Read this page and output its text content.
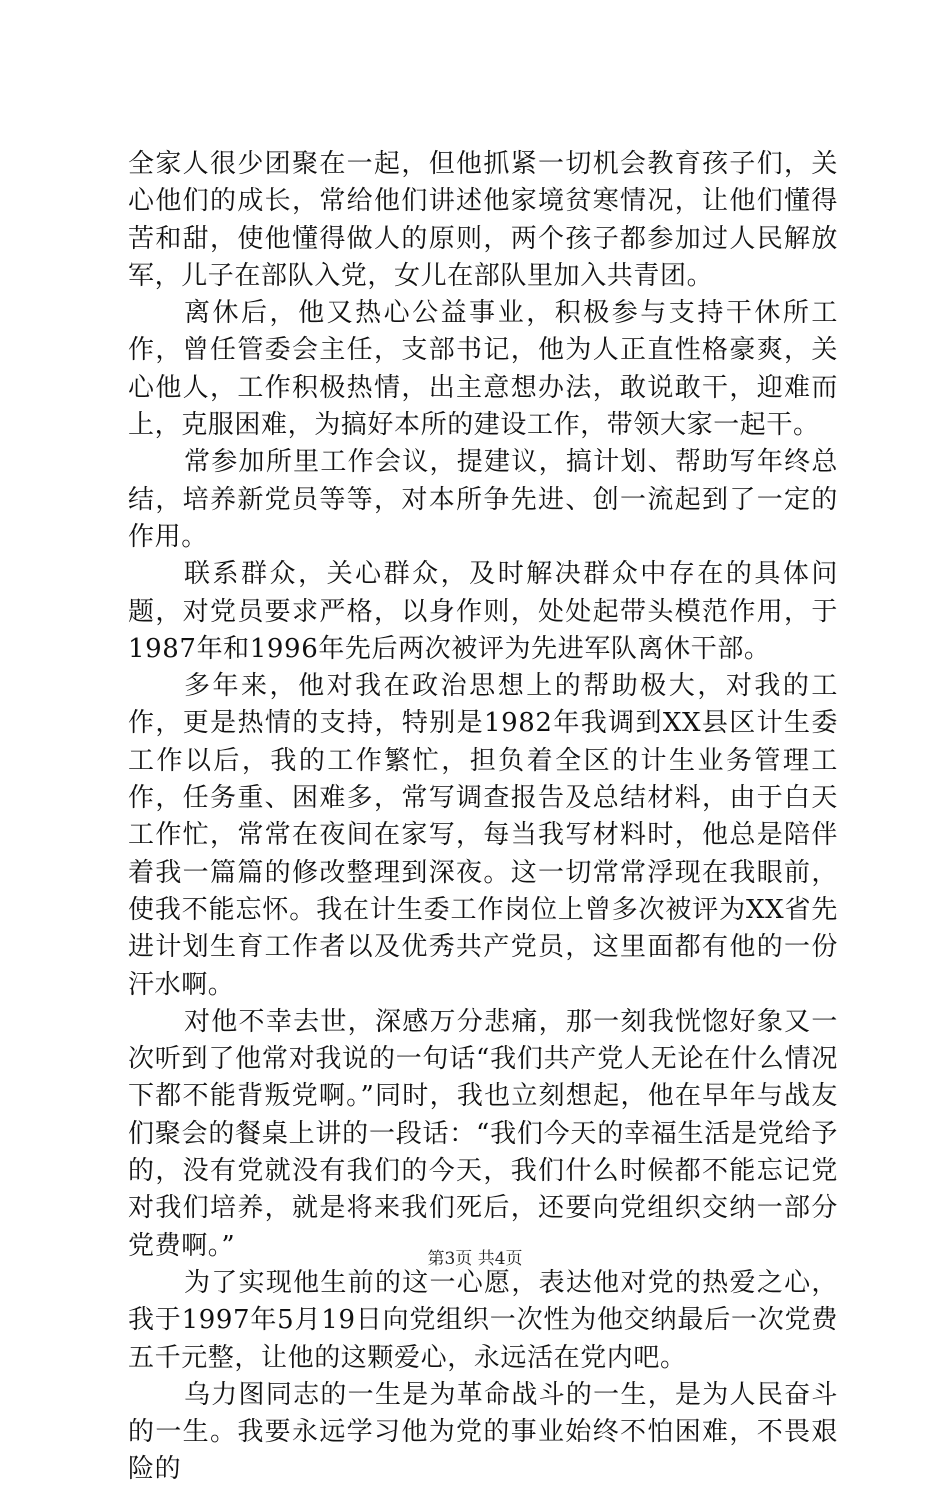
全家人很少团聚在一起，但他抓紧一切机会教育孩子们，关心他们的成长，常给他们讲述他家境贫寒情况，让他们懂得苦和甜，使他懂得做人的原则，两个孩子都参加过人民解放军，儿子在部队入党，女儿在部队里加入共青团。

离休后，他又热心公益事业，积极参与支持干休所工作，曾任管委会主任，支部书记，他为人正直性格豪爽，关心他人，工作积极热情，出主意想办法，敢说敢干，迎难而上，克服困难，为搞好本所的建设工作，带领大家一起干。

常参加所里工作会议，提建议，搞计划、帮助写年终总结，培养新党员等等，对本所争先进、创一流起到了一定的作用。

联系群众，关心群众，及时解决群众中存在的具体问题，对党员要求严格，以身作则，处处起带头模范作用，于1987年和1996年先后两次被评为先进军队离休干部。

多年来，他对我在政治思想上的帮助极大，对我的工作，更是热情的支持，特别是1982年我调到XX县区计生委工作以后，我的工作繁忙，担负着全区的计生业务管理工作，任务重、困难多，常写调查报告及总结材料，由于白天工作忙，常常在夜间在家写，每当我写材料时，他总是陪伴着我一篇篇的修改整理到深夜。这一切常常浮现在我眼前，使我不能忘怀。我在计生委工作岗位上曾多次被评为XX省先进计划生育工作者以及优秀共产党员，这里面都有他的一份汗水啊。

对他不幸去世，深感万分悲痛，那一刻我恍惚好象又一次听到了他常对我说的一句话“我们共产党人无论在什么情况下都不能背叛党啊。”同时，我也立刻想起，他在早年与战友们聚会的餐桌上讲的一段话：“我们今天的幸福生活是党给予的，没有党就没有我们的今天，我们什么时候都不能忘记党对我们培养，就是将来我们死后，还要向党组织交纳一部分党费啊。”

为了实现他生前的这一心愿，表达他对党的热爱之心，我于1997年5月19日向党组织一次性为他交纳最后一次党费五千元整，让他的这颗爱心，永远活在党内吧。

乌力图同志的一生是为革命战斗的一生，是为人民奋斗的一生。我要永远学习他为党的事业始终不怕困难，不畏艰险的

第3页 共4页
